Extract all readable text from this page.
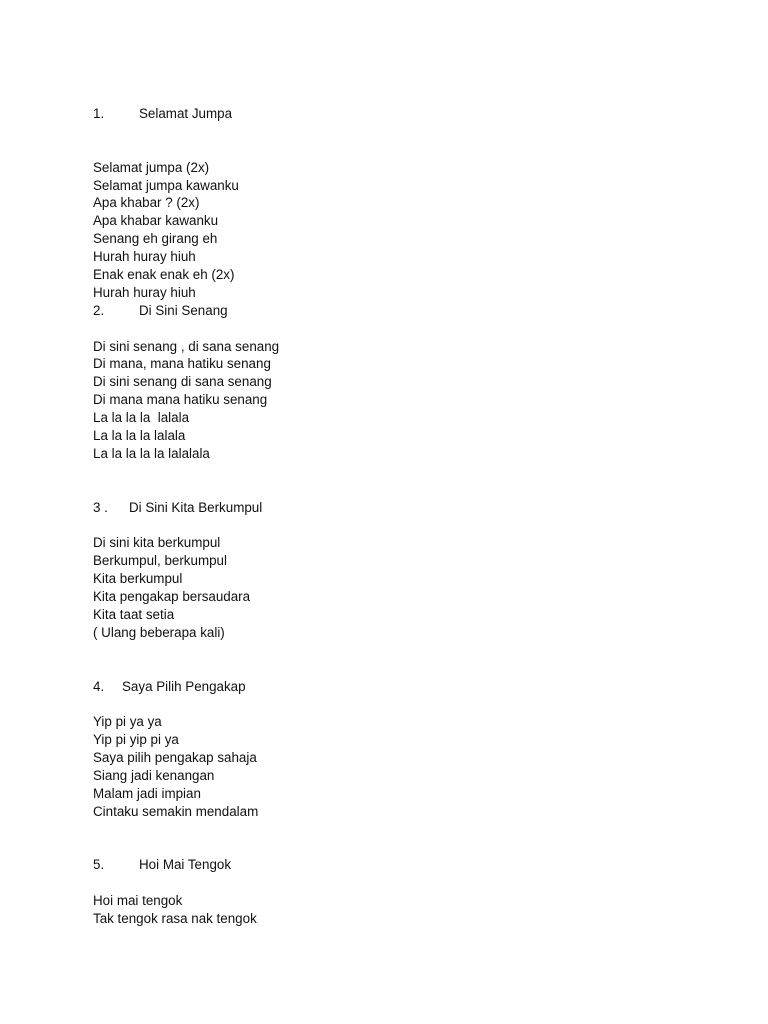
1.

	Selamat Jumpa

Selamat jumpa (2x)
Selamat jumpa kawanku
Apa khabar ? (2x)
Apa khabar kawanku
Senang eh girang eh
Hurah huray hiuh
Enak enak enak eh (2x)
Hurah huray hiuh

2.

	Di Sini Senang

Di sini senang , di sana senang
Di mana, mana hatiku senang
Di sini senang di sana senang
Di mana mana hatiku senang
La la la la  lalala
La la la la lalala
La la la la la lalalala

3 .

Di Sini Kita Berkumpul

Di sini kita berkumpul
Berkumpul, berkumpul
Kita berkumpul
Kita pengakap bersaudara
Kita taat setia
( Ulang beberapa kali)

4.

Saya Pilih Pengakap

Yip pi ya ya
Yip pi yip pi ya
Saya pilih pengakap sahaja
Siang jadi kenangan
Malam jadi impian
Cintaku semakin mendalam

5.

	Hoi Mai Tengok

Hoi mai tengok
Tak tengok rasa nak tengok
